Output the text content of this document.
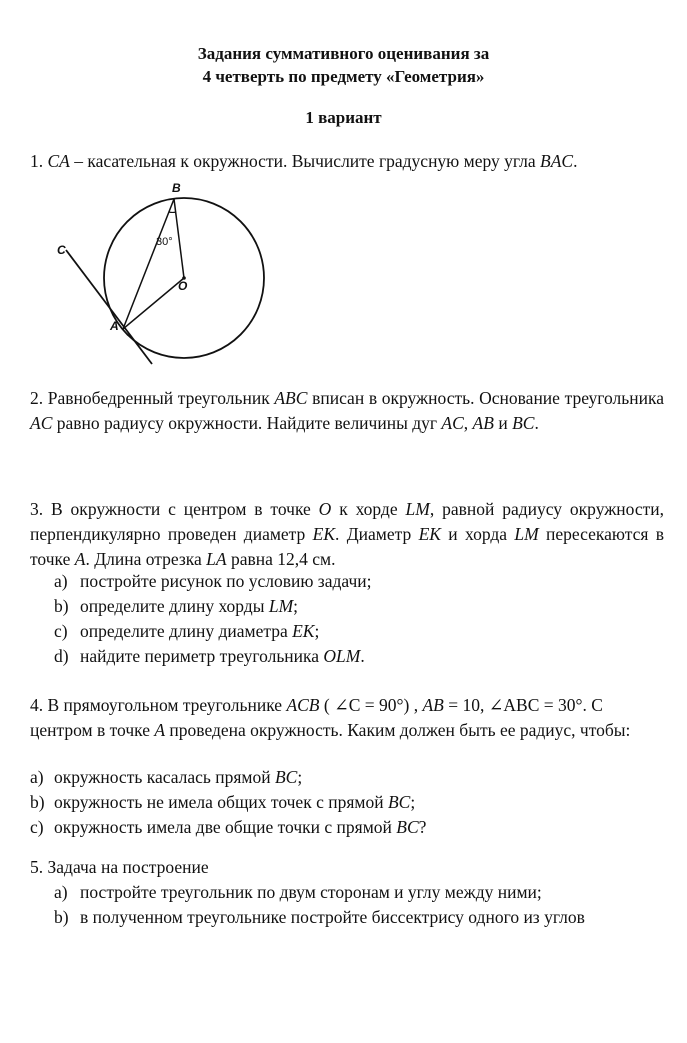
Задания суммативного оценивания за
4 четверть по предмету «Геометрия»
1 вариант
1. CA – касательная к окружности. Вычислите градусную меру угла BAC.
B
C
O
A
30°
2. Равнобедренный треугольник ABC вписан в окружность. Основание треугольника AC равно радиусу окружности. Найдите величины дуг AC, AB и BC.
3. В окружности с центром в точке O к хорде LM, равной радиусу окружности, перпендикулярно проведен диаметр EK. Диаметр EK и хорда LM пересекаются в точке A. Длина отрезка LA равна 12,4 см.
a) постройте рисунок по условию задачи;
b) определите длину хорды LM;
c) определите длину диаметра EK;
d) найдите периметр треугольника OLM.
4. В прямоугольном треугольнике ACB ( ∠C = 90°) , AB = 10, ∠ABC = 30°. С центром в точке A проведена окружность. Каким должен быть ее радиус, чтобы:
a) окружность касалась прямой BC;
b) окружность не имела общих точек с прямой BC;
c) окружность имела две общие точки с прямой BC?
5. Задача на построение
a) постройте треугольник по двум сторонам и углу между ними;
b) в полученном треугольнике постройте биссектрису одного из углов
